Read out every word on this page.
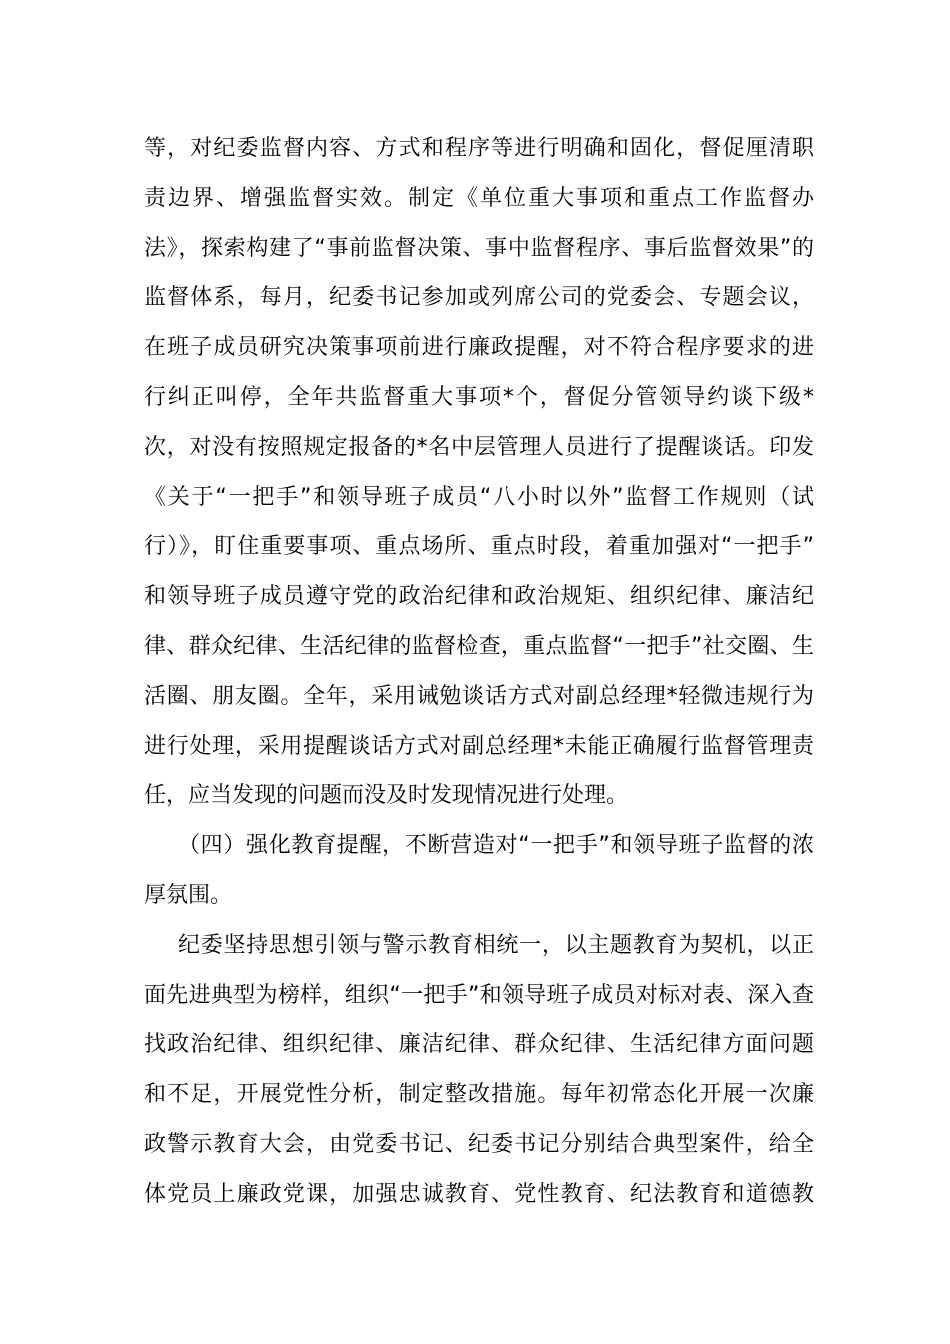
等，对纪委监督内容、方式和程序等进行明确和固化，督促厘清职
责边界、增强监督实效。制定《单位重大事项和重点工作监督办
法》，探索构建了“事前监督决策、事中监督程序、事后监督效果”的
监督体系，每月，纪委书记参加或列席公司的党委会、专题会议，
在班子成员研究决策事项前进行廉政提醒，对不符合程序要求的进
行纠正叫停，全年共监督重大事项*个，督促分管领导约谈下级*
次，对没有按照规定报备的*名中层管理人员进行了提醒谈话。印发
《关于“一把手”和领导班子成员“八小时以外”监督工作规则（试
行）》，盯住重要事项、重点场所、重点时段，着重加强对“一把手”
和领导班子成员遵守党的政治纪律和政治规矩、组织纪律、廉洁纪
律、群众纪律、生活纪律的监督检查，重点监督“一把手”社交圈、生
活圈、朋友圈。全年，采用诫勉谈话方式对副总经理*轻微违规行为
进行处理，采用提醒谈话方式对副总经理*未能正确履行监督管理责
任，应当发现的问题而没及时发现情况进行处理。
（四）强化教育提醒，不断营造对“一把手”和领导班子监督的浓
厚氛围。
纪委坚持思想引领与警示教育相统一，以主题教育为契机，以正
面先进典型为榜样，组织“一把手”和领导班子成员对标对表、深入查
找政治纪律、组织纪律、廉洁纪律、群众纪律、生活纪律方面问题
和不足，开展党性分析，制定整改措施。每年初常态化开展一次廉
政警示教育大会，由党委书记、纪委书记分别结合典型案件，给全
体党员上廉政党课，加强忠诚教育、党性教育、纪法教育和道德教
